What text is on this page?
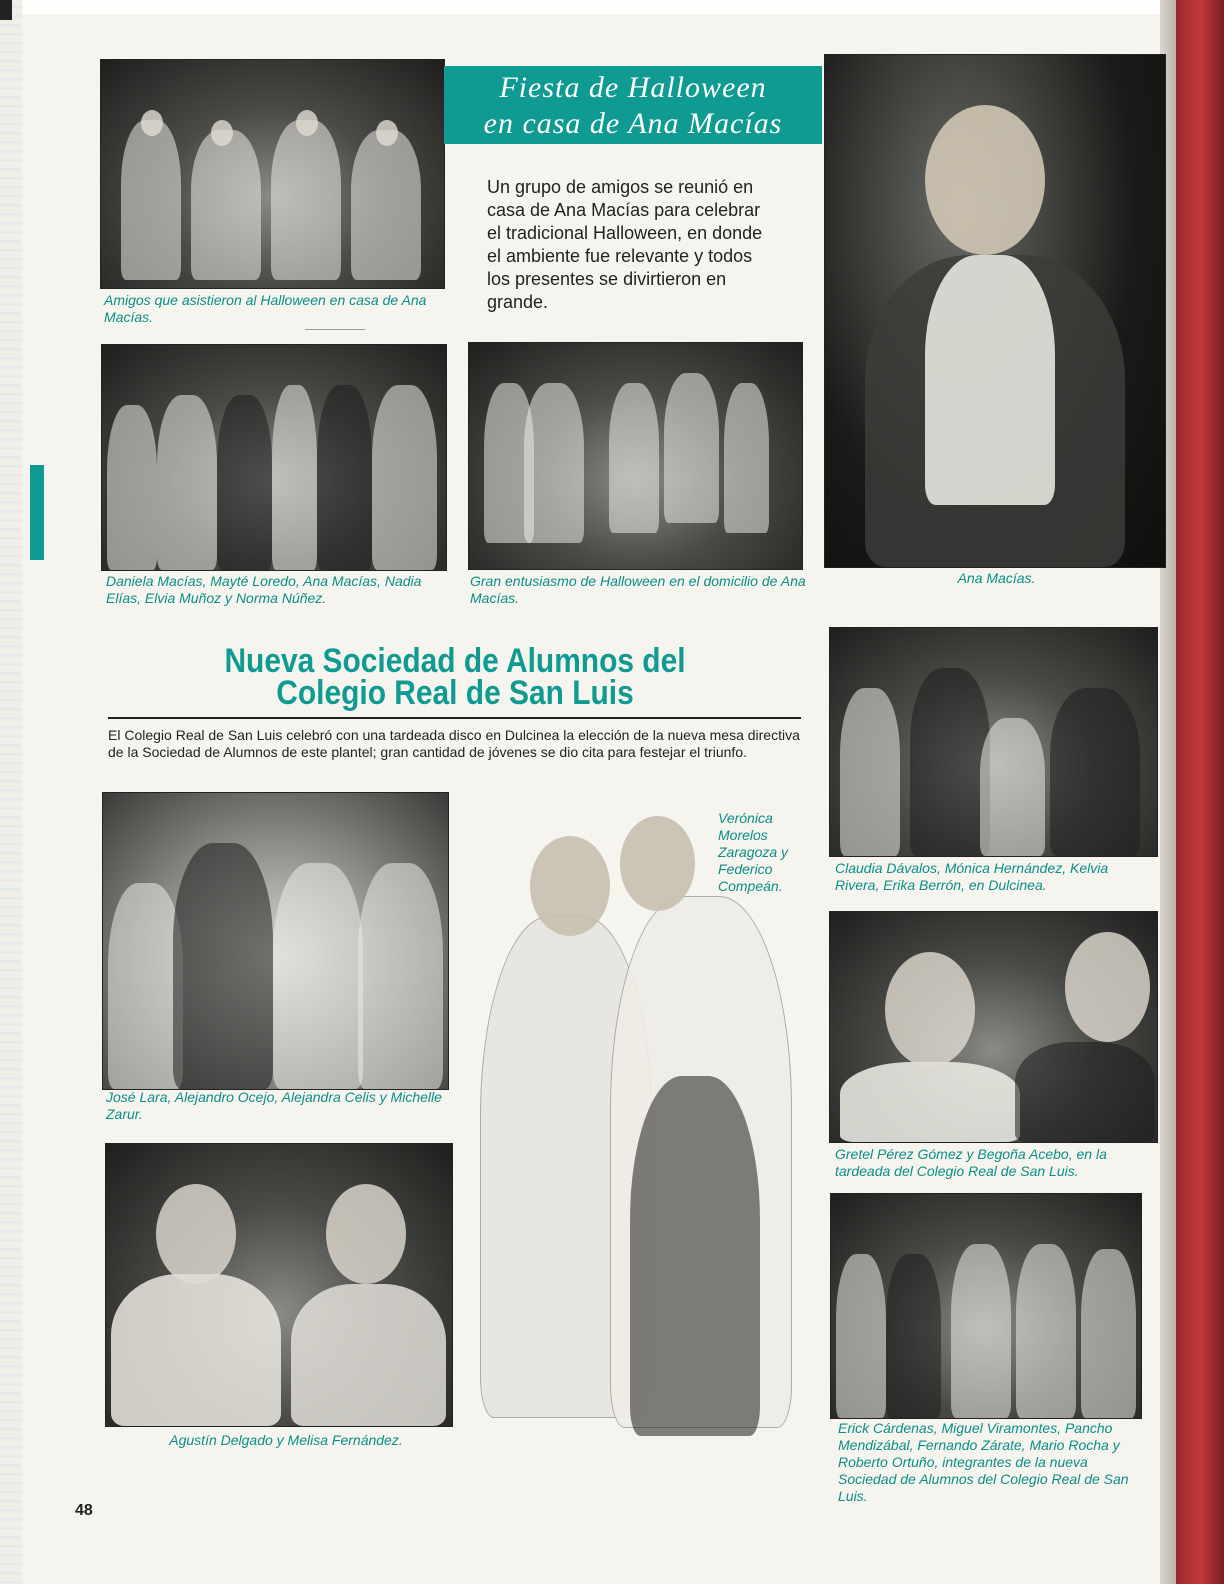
Amigos que asistieron al Halloween en casa de Ana Macías.
Fiesta de Halloween
en casa de Ana Macías
Un grupo de amigos se reunió en casa de Ana Macías para celebrar el tradicional Halloween, en donde el ambiente fue relevante y todos los presentes se divirtieron en grande.
Ana Macías.
Daniela Macías, Mayté Loredo, Ana Macías, Nadia Elías, Elvia Muñoz y Norma Núñez.
Gran entusiasmo de Halloween en el domicilio de Ana Macías.
Nueva Sociedad de Alumnos del
Colegio Real de San Luis
El Colegio Real de San Luis celebró con una tardeada disco en Dulcinea la elección de la nueva mesa directiva de la Sociedad de Alumnos de este plantel; gran cantidad de jóvenes se dio cita para festejar el triunfo.
Claudia Dávalos, Mónica Hernández, Kelvia Rivera, Erika Berrón, en Dulcinea.
José Lara, Alejandro Ocejo, Alejandra Celis y Michelle Zarur.
Verónica Morelos Zaragoza y Federico Compeán.
Agustín Delgado y Melisa Fernández.
Gretel Pérez Gómez y Begoña Acebo, en la tardeada del Colegio Real de San Luis.
Erick Cárdenas, Miguel Viramontes, Pancho Mendizábal, Fernando Zárate, Mario Rocha y Roberto Ortuño, integrantes de la nueva Sociedad de Alumnos del Colegio Real de San Luis.
48
